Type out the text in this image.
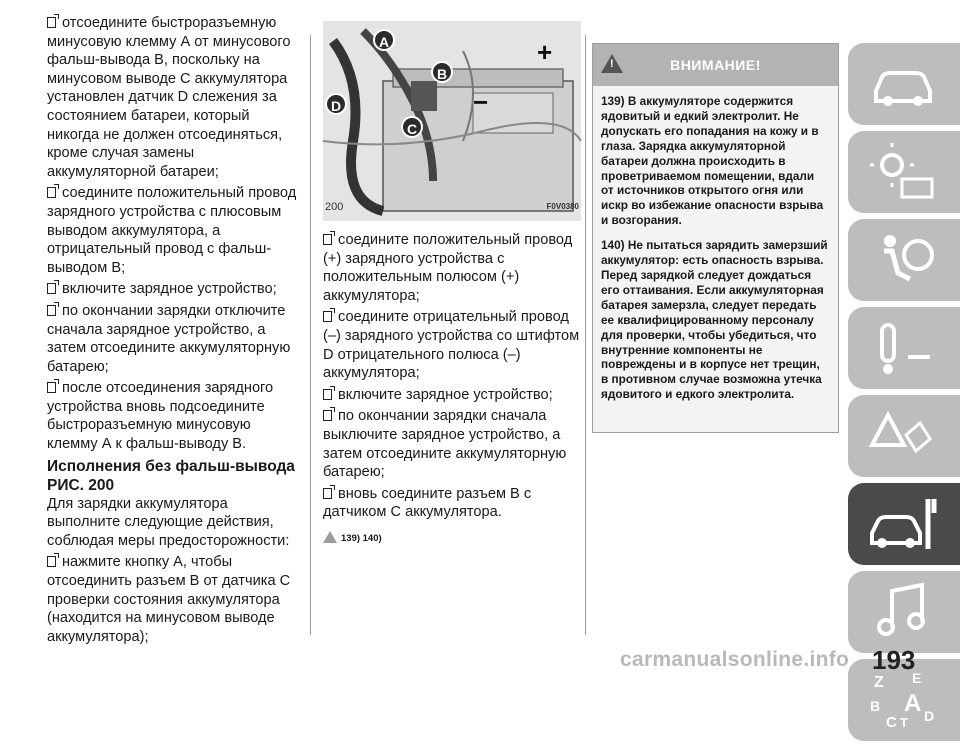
отсоедините быстроразъемную минусовую клемму А от минусового фальш-вывода В, поскольку на минусовом выводе С аккумулятора установлен датчик D слежения за состоянием батареи, который никогда не должен отсоединяться, кроме случая замены аккумуляторной батареи;

соедините положительный провод зарядного устройства с плюсовым выводом аккумулятора, а отрицательный провод с фальш-выводом В;

включите зарядное устройство;

по окончании зарядки отключите сначала зарядное устройство, а затем отсоедините аккумуляторную батарею;

после отсоединения зарядного устройства вновь подсоедините быстроразъемную минусовую клемму А к фальш-выводу В.

Исполнения без фальш-вывода РИС. 200

Для зарядки аккумулятора выполните следующие действия, соблюдая меры предосторожности:

нажмите кнопку А, чтобы отсоединить разъем В от датчика С проверки состояния аккумулятора (находится на минусовом выводе аккумулятора);

A
B
C
D
+
−
200	F0V0380

соедините положительный провод (+) зарядного устройства с положительным полюсом (+) аккумулятора;

соедините отрицательный провод (–) зарядного устройства со штифтом D отрицательного полюса (–) аккумулятора;

включите зарядное устройство;

по окончании зарядки сначала выключите зарядное устройство, а затем отсоедините аккумуляторную батарею;

вновь соедините разъем В с датчиком С аккумулятора.

139) 140)

!	ВНИМАНИЕ!

139) В аккумуляторе содержится ядовитый и едкий электролит. Не допускать его попадания на кожу и в глаза. Зарядка аккумуляторной батареи должна происходить в проветриваемом помещении, вдали от источников открытого огня или искр во избежание опасности взрыва и возгорания.

140) Не пытаться зарядить замерзший аккумулятор: есть опасность взрыва. Перед зарядкой следует дождаться его оттаивания. Если аккумуляторная батарея замерзла, следует передать ее квалифицированному персоналу для проверки, чтобы убедиться, что внутренние компоненты не повреждены и в корпусе нет трещин, в противном случае возможна утечка ядовитого и едкого электролита.

Z E
B A
C T D
carmanualsonline.info 193
